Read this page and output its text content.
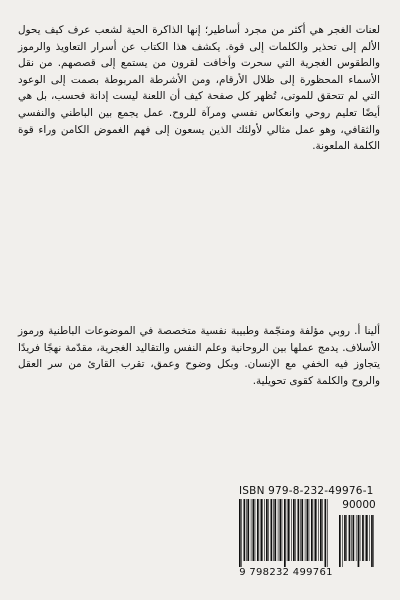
لعنات الغجر هي أكثر من مجرد أساطير؛ إنها الذاكرة الحية لشعب عرف كيف يحول الألم إلى تحذير والكلمات إلى قوة. يكشف هذا الكتاب عن أسرار التعاويذ والرموز والطقوس الغجرية التي سحرت وأخافت لقرون من يستمع إلى قصصهم. من نقل الأسماء المحظورة إلى ظلال الأرقام، ومن الأشرطة المربوطة بصمت إلى الوعود التي لم تتحقق للموتى، تُظهر كل صفحة كيف أن اللعنة ليست إدانة فحسب، بل هي أيضًا تعليم روحي وانعكاس نفسي ومرآة للروح. عمل يجمع بين الباطني والنفسي والثقافي، وهو عمل مثالي لأولئك الذين يسعون إلى فهم الغموض الكامن وراء قوة الكلمة الملعونة.

ألينا أ. روبي مؤلفة ومنجّمة وطبيبة نفسية متخصصة في الموضوعات الباطنية ورموز الأسلاف. يدمج عملها بين الروحانية وعلم النفس والتقاليد الغجرية، مقدّمة نهجًا فريدًا يتجاوز فيه الخفي مع الإنسان. وبكل وضوح وعمق، تقرب القارئ من سر العقل والروح والكلمة كقوى تحويلية.

ISBN 979-8-232-49976-1
90000
9 798232 499761
